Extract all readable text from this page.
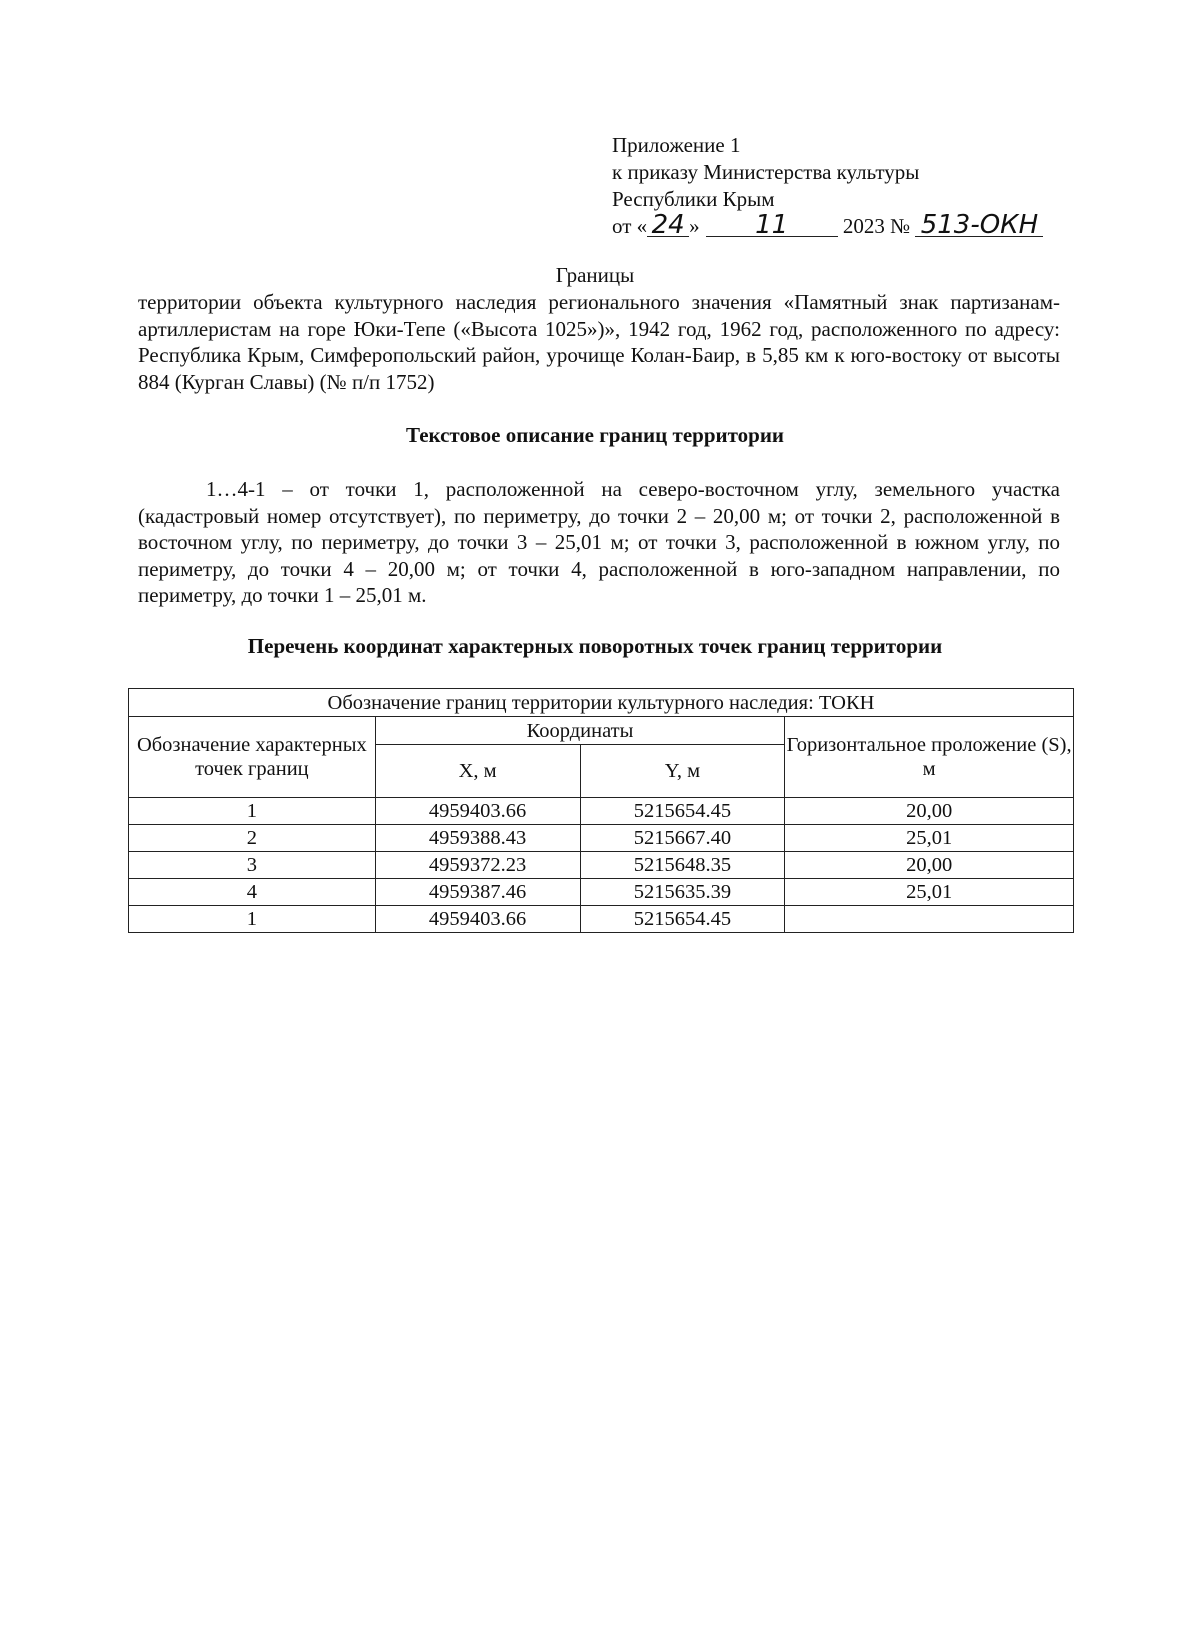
Приложение 1
к приказу Министерства культуры
Республики Крым
от « 24 » 11	2023 № 513-ОКН
Границы
территории объекта культурного наследия регионального значения «Памятный знак партизанам-артиллеристам на горе Юки-Тепе («Высота 1025»)», 1942 год, 1962 год, расположенного по адресу: Республика Крым, Симферопольский район, урочище Колан-Баир, в 5,85 км к юго-востоку от высоты 884 (Курган Славы) (№ п/п 1752)
Текстовое описание границ территории
1…4-1 – от точки 1, расположенной на северо-восточном углу, земельного участка (кадастровый номер отсутствует), по периметру, до точки 2 – 20,00 м; от точки 2, расположенной в восточном углу, по периметру, до точки 3 – 25,01 м; от точки 3, расположенной в южном углу, по периметру, до точки 4 – 20,00 м; от точки 4, расположенной в юго-западном направлении, по периметру, до точки 1 – 25,01 м.
Перечень координат характерных поворотных точек границ территории
Обозначение границ территории культурного наследия: ТОКН			
Обозначение характерных точек границ	Координаты		Горизонтальное проложение (S), м
	X, м	Y, м	
1	4959403.66	5215654.45	20,00
2	4959388.43	5215667.40	25,01
3	4959372.23	5215648.35	20,00
4	4959387.46	5215635.39	25,01
1	4959403.66	5215654.45	
